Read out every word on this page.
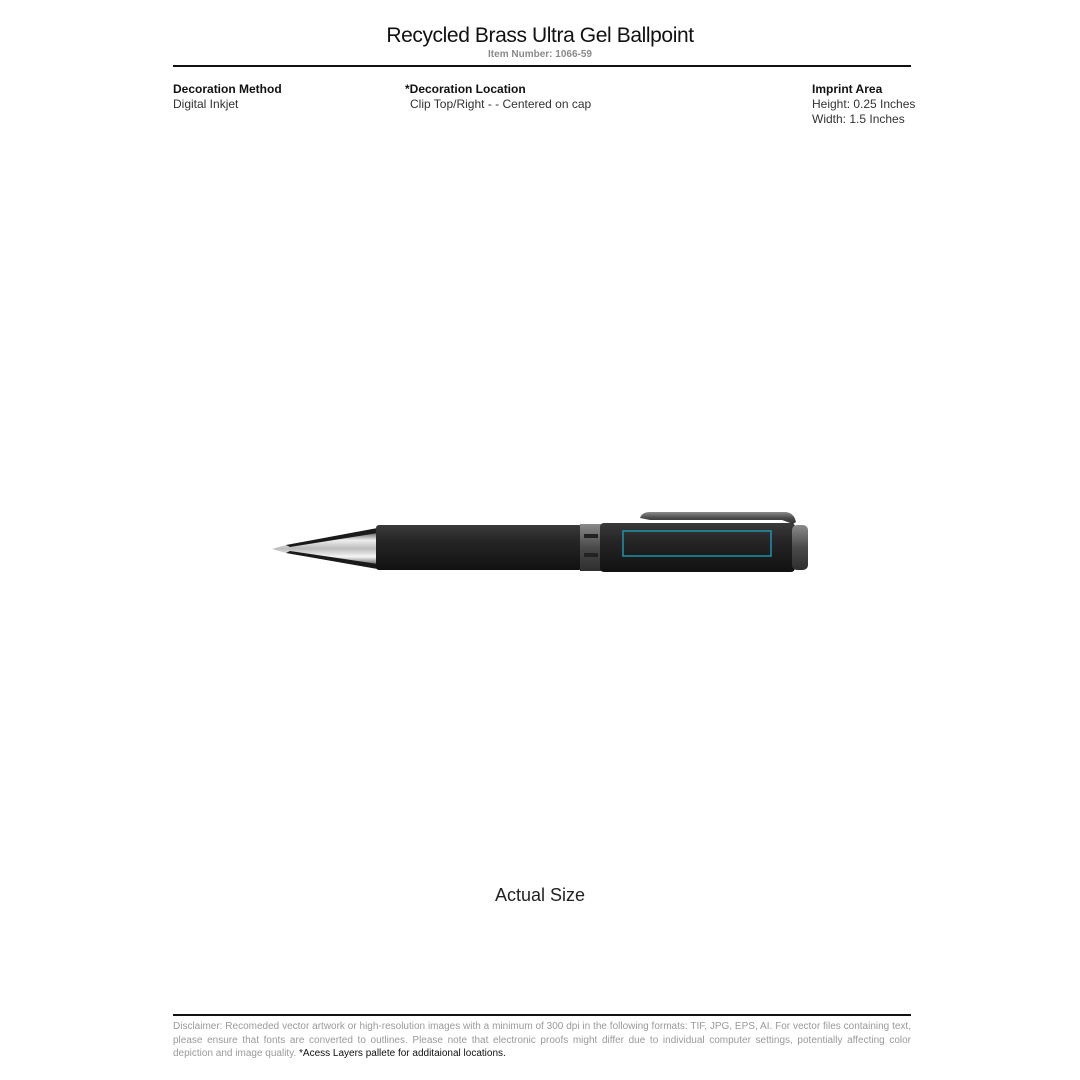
Recycled Brass Ultra Gel Ballpoint
Item Number: 1066-59
Decoration Method
Digital Inkjet
*Decoration Location
Clip Top/Right - - Centered on cap
Imprint Area
Height: 0.25 Inches
Width: 1.5 Inches
Actual Size
Disclaimer: Recomeded vector artwork or high-resolution images with a minimum of 300 dpi in the following formats: TIF, JPG, EPS, AI. For vector files containing text, please ensure that fonts are converted to outlines. Please note that electronic proofs might differ due to individual computer settings, potentially affecting color depiction and image quality. *Acess Layers pallete for additaional locations.
